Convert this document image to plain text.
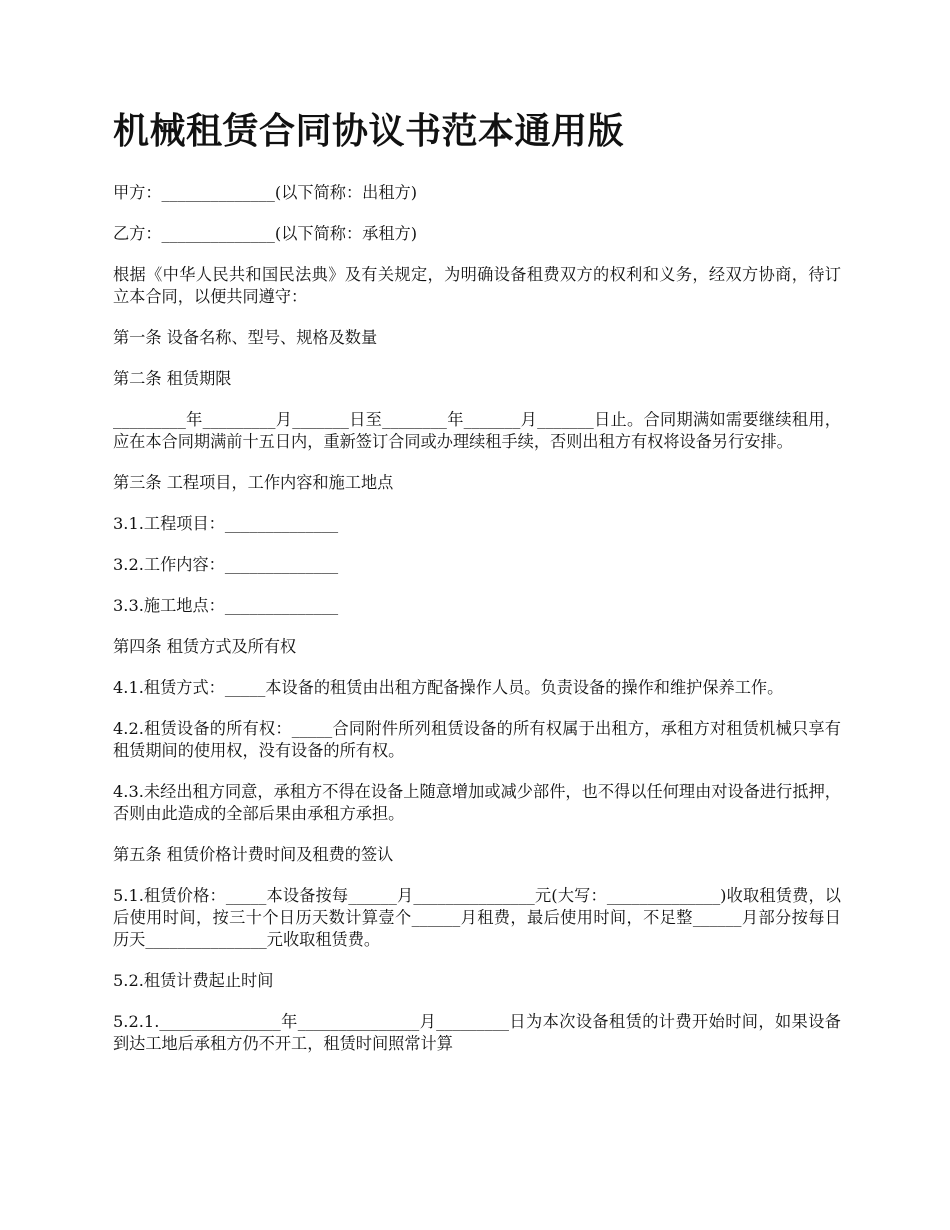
机械租赁合同协议书范本通用版

甲方：______________(以下简称：出租方)

乙方：______________(以下简称：承租方)

根据《中华人民共和国民法典》及有关规定，为明确设备租费双方的权利和义务，经双方协商，待订立本合同，以便共同遵守：

第一条 设备名称、型号、规格及数量

第二条 租赁期限

_________年_________月_______日至________年_______月_______日止。合同期满如需要继续租用，应在本合同期满前十五日内，重新签订合同或办理续租手续，否则出租方有权将设备另行安排。

第三条 工程项目，工作内容和施工地点

3.1.工程项目：______________

3.2.工作内容：______________

3.3.施工地点：______________

第四条 租赁方式及所有权

4.1.租赁方式：_____本设备的租赁由出租方配备操作人员。负责设备的操作和维护保养工作。

4.2.租赁设备的所有权：_____合同附件所列租赁设备的所有权属于出租方，承租方对租赁机械只享有租赁期间的使用权，没有设备的所有权。

4.3.未经出租方同意，承租方不得在设备上随意增加或减少部件，也不得以任何理由对设备进行抵押，否则由此造成的全部后果由承租方承担。

第五条 租赁价格计费时间及租费的签认

5.1.租赁价格：_____本设备按每______月_______________元(大写：______________)收取租赁费，以后使用时间，按三十个日历天数计算壹个______月租费，最后使用时间，不足整______月部分按每日历天_______________元收取租赁费。

5.2.租赁计费起止时间

5.2.1._______________年_______________月_________日为本次设备租赁的计费开始时间，如果设备到达工地后承租方仍不开工，租赁时间照常计算
